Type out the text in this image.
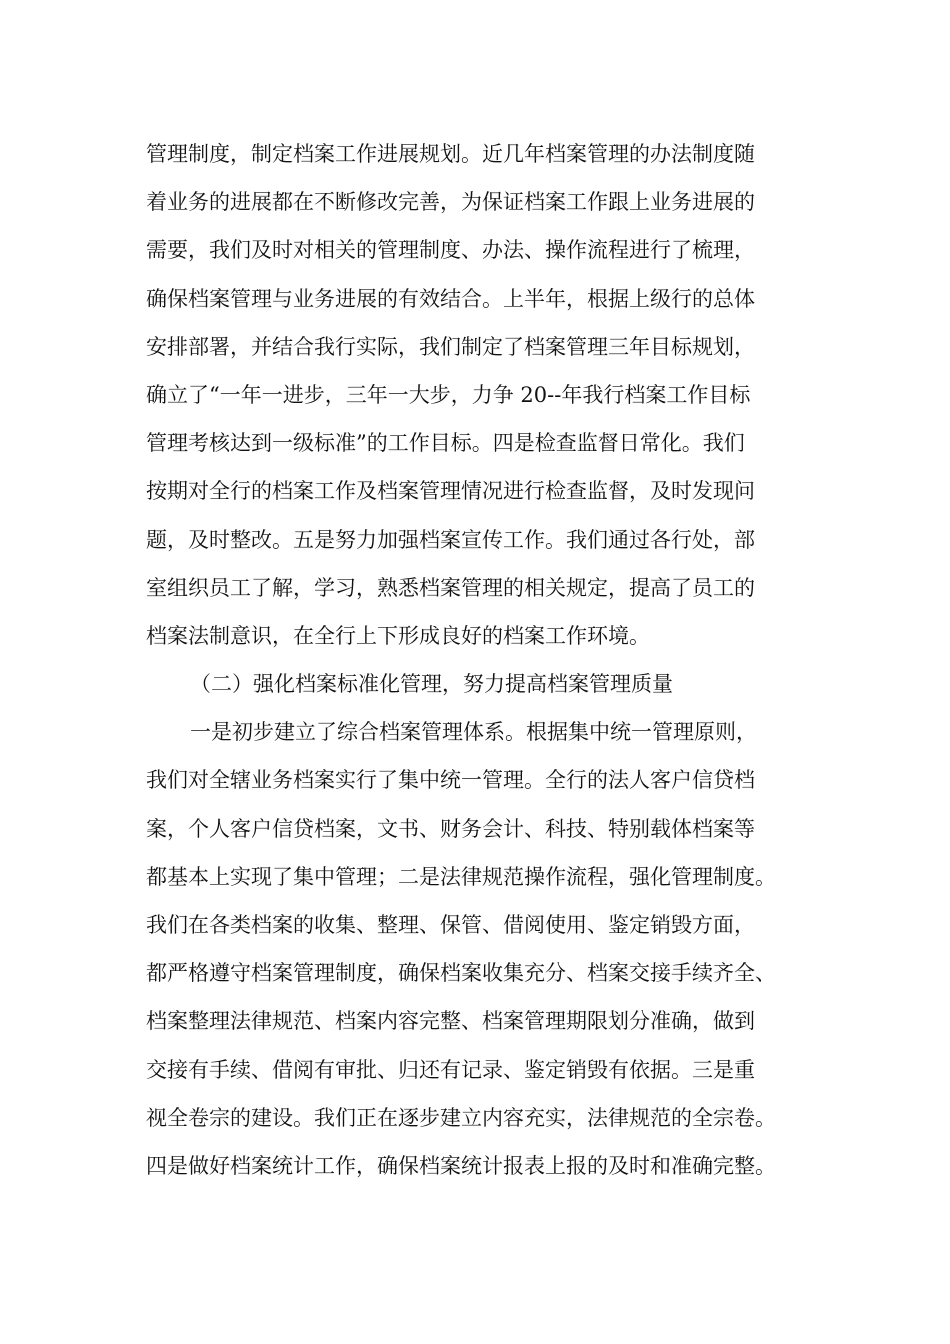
管理制度，制定档案工作进展规划。近几年档案管理的办法制度随
着业务的进展都在不断修改完善，为保证档案工作跟上业务进展的
需要，我们及时对相关的管理制度、办法、操作流程进行了梳理，
确保档案管理与业务进展的有效结合。上半年，根据上级行的总体
安排部署，并结合我行实际，我们制定了档案管理三年目标规划，
确立了“一年一进步，三年一大步，力争 20--年我行档案工作目标
管理考核达到一级标准”的工作目标。四是检查监督日常化。我们
按期对全行的档案工作及档案管理情况进行检查监督，及时发现问
题，及时整改。五是努力加强档案宣传工作。我们通过各行处，部
室组织员工了解，学习，熟悉档案管理的相关规定，提高了员工的
档案法制意识，在全行上下形成良好的档案工作环境。
（二）强化档案标准化管理，努力提高档案管理质量
一是初步建立了综合档案管理体系。根据集中统一管理原则，
我们对全辖业务档案实行了集中统一管理。全行的法人客户信贷档
案，个人客户信贷档案，文书、财务会计、科技、特别载体档案等
都基本上实现了集中管理；二是法律规范操作流程，强化管理制度。
我们在各类档案的收集、整理、保管、借阅使用、鉴定销毁方面，
都严格遵守档案管理制度，确保档案收集充分、档案交接手续齐全、
档案整理法律规范、档案内容完整、档案管理期限划分准确，做到
交接有手续、借阅有审批、归还有记录、鉴定销毁有依据。三是重
视全卷宗的建设。我们正在逐步建立内容充实，法律规范的全宗卷。
四是做好档案统计工作，确保档案统计报表上报的及时和准确完整。
